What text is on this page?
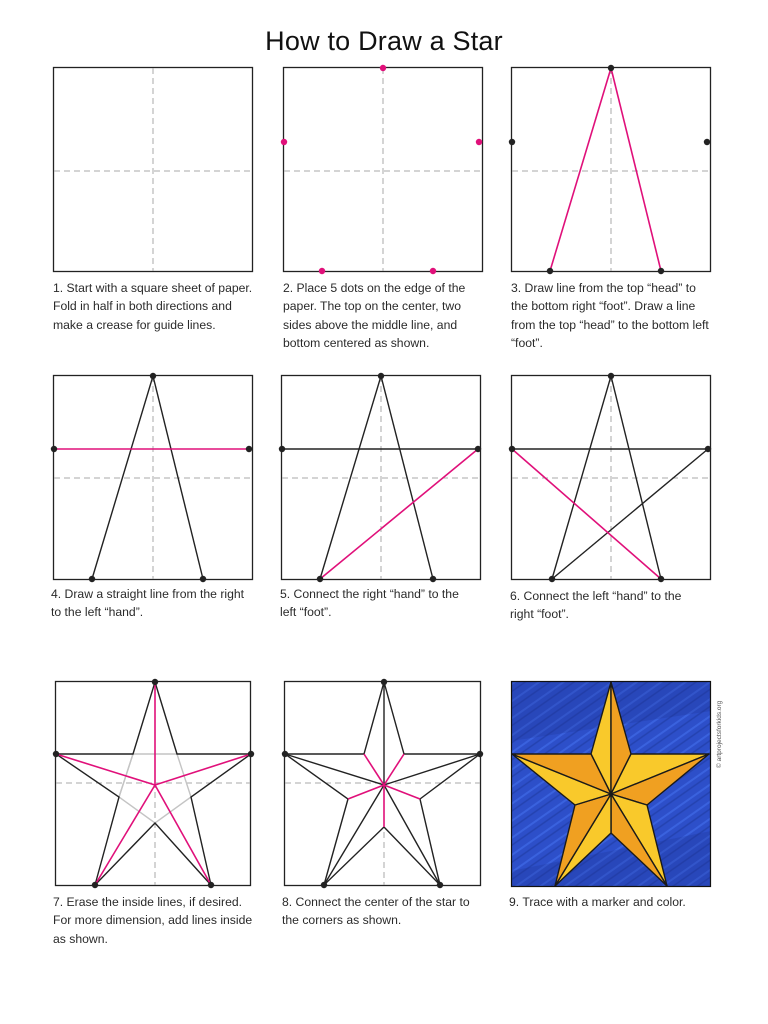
How to Draw a Star
1. Start with a square sheet of paper. Fold in half in both directions and make a crease for guide lines.
2. Place 5 dots on the edge of the paper. The top on the center, two sides above the middle line, and bottom centered as shown.
3. Draw line from the top “head” to the bottom right “foot”. Draw a line from the top “head” to the bottom left “foot”.
4. Draw a straight line from the right to the left “hand”.
5. Connect the right “hand” to the left “foot”.
6. Connect the left “hand” to the right “foot”.
7. Erase the inside lines, if desired. For more dimension, add lines inside as shown.
8. Connect the center of the star to the corners as shown.
© artprojectsforkids.org
9. Trace with a marker and color.
